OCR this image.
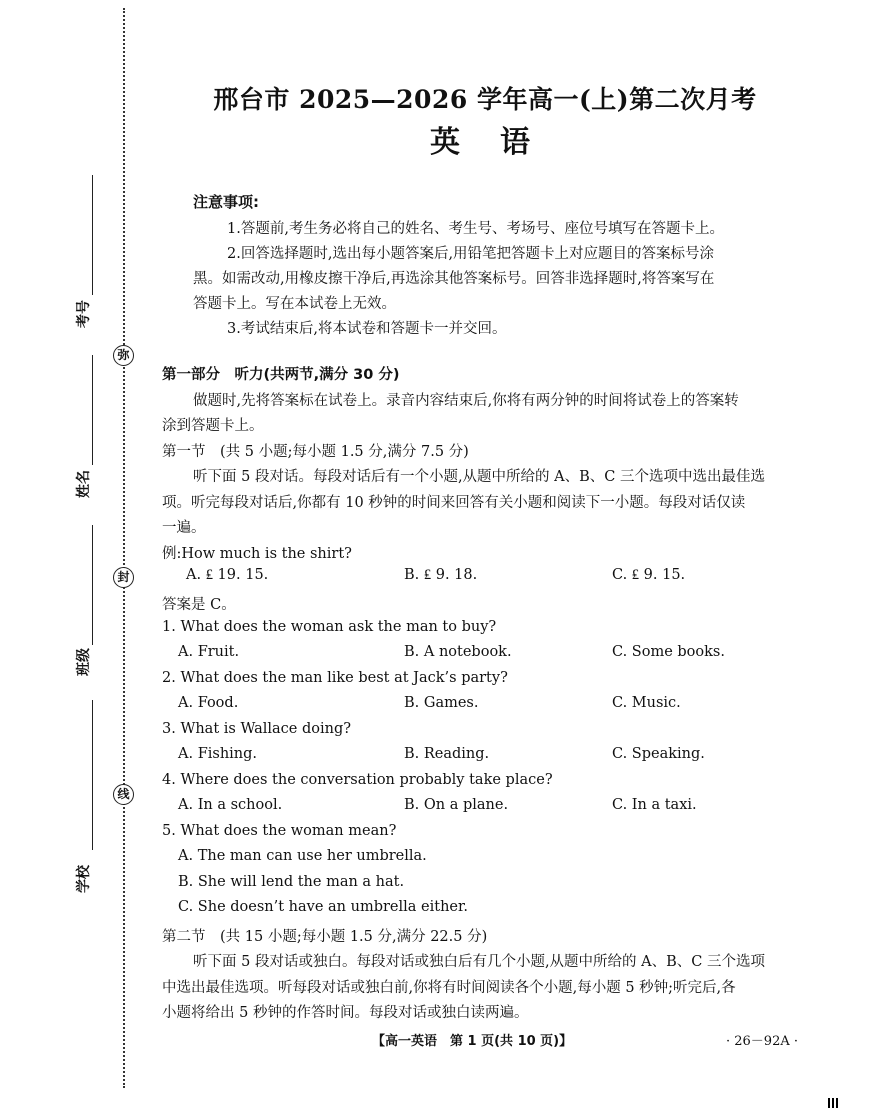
弥
封
线
考号
姓名
班级
学校
邢台市 2025—2026 学年高一(上)第二次月考
英语
注意事项:
1.答题前,考生务必将自己的姓名、考生号、考场号、座位号填写在答题卡上。
2.回答选择题时,选出每小题答案后,用铅笔把答题卡上对应题目的答案标号涂
黑。如需改动,用橡皮擦干净后,再选涂其他答案标号。回答非选择题时,将答案写在
答题卡上。写在本试卷上无效。
3.考试结束后,将本试卷和答题卡一并交回。
第一部分　听力(共两节,满分 30 分)
做题时,先将答案标在试卷上。录音内容结束后,你将有两分钟的时间将试卷上的答案转
涂到答题卡上。
第一节　(共 5 小题;每小题 1.5 分,满分 7.5 分)
听下面 5 段对话。每段对话后有一个小题,从题中所给的 A、B、C 三个选项中选出最佳选
项。听完每段对话后,你都有 10 秒钟的时间来回答有关小题和阅读下一小题。每段对话仅读
一遍。
例:How much is the shirt?
A. ₤ 19. 15.	B. ₤ 9. 18.	C. ₤ 9. 15.
答案是 C。
1. What does the woman ask the man to buy?
A. Fruit.	B. A notebook.	C. Some books.
2. What does the man like best at Jack’s party?
A. Food.	B. Games.	C. Music.
3. What is Wallace doing?
A. Fishing.	B. Reading.	C. Speaking.
4. Where does the conversation probably take place?
A. In a school.	B. On a plane.	C. In a taxi.
5. What does the woman mean?
A. The man can use her umbrella.
B. She will lend the man a hat.
C. She doesn’t have an umbrella either.
第二节　(共 15 小题;每小题 1.5 分,满分 22.5 分)
听下面 5 段对话或独白。每段对话或独白后有几个小题,从题中所给的 A、B、C 三个选项
中选出最佳选项。听每段对话或独白前,你将有时间阅读各个小题,每小题 5 秒钟;听完后,各
小题将给出 5 秒钟的作答时间。每段对话或独白读两遍。
【高一英语　第 1 页(共 10 页)】	· 26－92A ·
